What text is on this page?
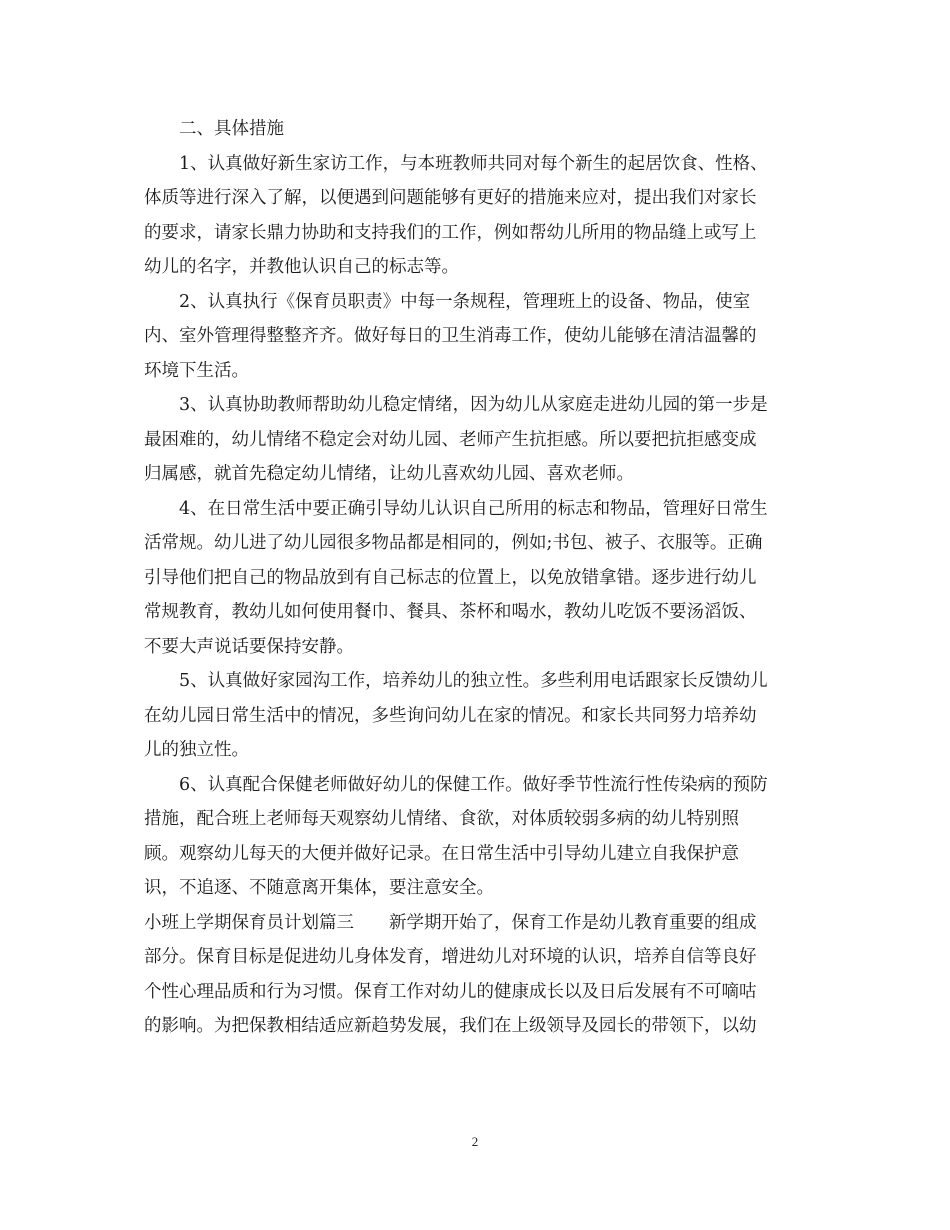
　　二、具体措施

　　1、认真做好新生家访工作，与本班教师共同对每个新生的起居饮食、性格、

体质等进行深入了解，以便遇到问题能够有更好的措施来应对，提出我们对家长

的要求，请家长鼎力协助和支持我们的工作，例如帮幼儿所用的物品缝上或写上

幼儿的名字，并教他认识自己的标志等。

　　2、认真执行《保育员职责》中每一条规程，管理班上的设备、物品，使室

内、室外管理得整整齐齐。做好每日的卫生消毒工作，使幼儿能够在清洁温馨的

环境下生活。

　　3、认真协助教师帮助幼儿稳定情绪，因为幼儿从家庭走进幼儿园的第一步是

最困难的，幼儿情绪不稳定会对幼儿园、老师产生抗拒感。所以要把抗拒感变成

归属感，就首先稳定幼儿情绪，让幼儿喜欢幼儿园、喜欢老师。

　　4、在日常生活中要正确引导幼儿认识自己所用的标志和物品，管理好日常生

活常规。幼儿进了幼儿园很多物品都是相同的，例如;书包、被子、衣服等。正确

引导他们把自己的物品放到有自己标志的位置上，以免放错拿错。逐步进行幼儿

常规教育，教幼儿如何使用餐巾、餐具、茶杯和喝水，教幼儿吃饭不要汤滔饭、

不要大声说话要保持安静。

　　5、认真做好家园沟工作，培养幼儿的独立性。多些利用电话跟家长反馈幼儿

在幼儿园日常生活中的情况，多些询问幼儿在家的情况。和家长共同努力培养幼

儿的独立性。

　　6、认真配合保健老师做好幼儿的保健工作。做好季节性流行性传染病的预防

措施，配合班上老师每天观察幼儿情绪、食欲，对体质较弱多病的幼儿特别照

顾。观察幼儿每天的大便并做好记录。在日常生活中引导幼儿建立自我保护意

识，不追逐、不随意离开集体，要注意安全。

小班上学期保育员计划篇三　　新学期开始了，保育工作是幼儿教育重要的组成

部分。保育目标是促进幼儿身体发育，增进幼儿对环境的认识，培养自信等良好

个性心理品质和行为习惯。保育工作对幼儿的健康成长以及日后发展有不可嘀咕

的影响。为把保教相结适应新趋势发展，我们在上级领导及园长的带领下，以幼

2
